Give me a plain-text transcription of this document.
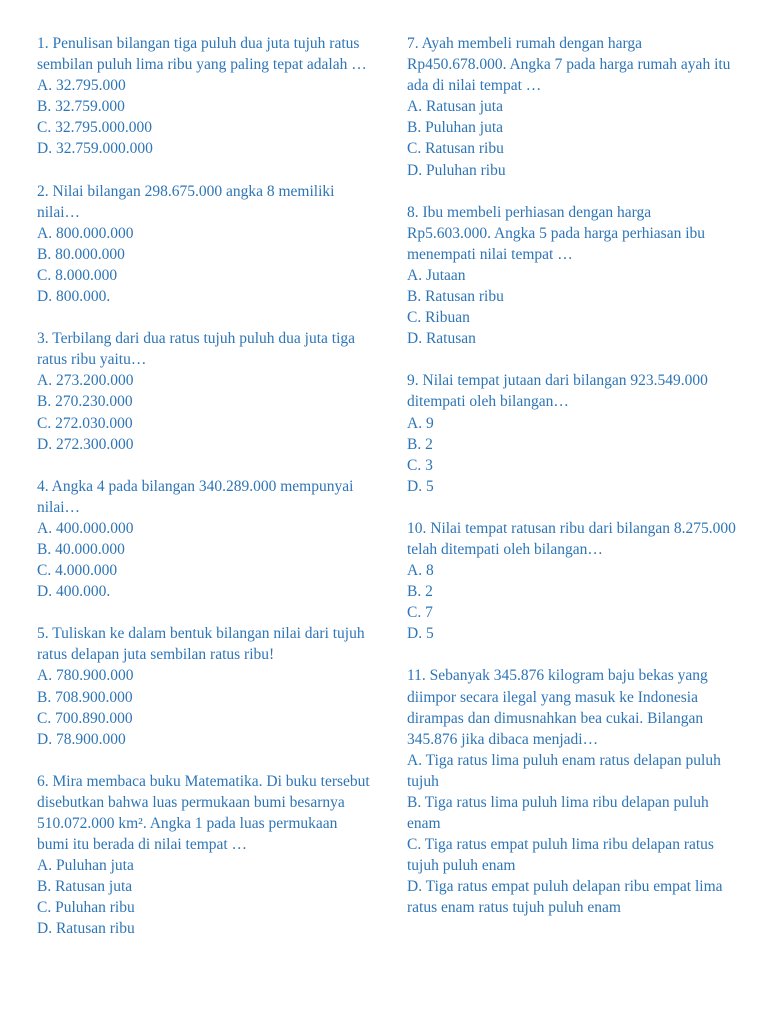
1. Penulisan bilangan tiga puluh dua juta tujuh ratus sembilan puluh lima ribu yang paling tepat adalah …
A. 32.795.000
B. 32.759.000
C. 32.795.000.000
D. 32.759.000.000
2. Nilai bilangan 298.675.000 angka 8 memiliki nilai…
A. 800.000.000
B. 80.000.000
C. 8.000.000
D. 800.000.
3. Terbilang dari dua ratus tujuh puluh dua juta tiga ratus ribu yaitu…
A. 273.200.000
B. 270.230.000
C. 272.030.000
D. 272.300.000
4. Angka 4 pada bilangan 340.289.000 mempunyai nilai…
A. 400.000.000
B. 40.000.000
C. 4.000.000
D. 400.000.
5. Tuliskan ke dalam bentuk bilangan nilai dari tujuh ratus delapan juta sembilan ratus ribu!
A. 780.900.000
B. 708.900.000
C. 700.890.000
D. 78.900.000
6. Mira membaca buku Matematika. Di buku tersebut disebutkan bahwa luas permukaan bumi besarnya 510.072.000 km². Angka 1 pada luas permukaan bumi itu berada di nilai tempat …
A. Puluhan juta
B. Ratusan juta
C. Puluhan ribu
D. Ratusan ribu
7. Ayah membeli rumah dengan harga Rp450.678.000. Angka 7 pada harga rumah ayah itu ada di nilai tempat …
A. Ratusan juta
B. Puluhan juta
C. Ratusan ribu
D. Puluhan ribu
8. Ibu membeli perhiasan dengan harga Rp5.603.000. Angka 5 pada harga perhiasan ibu menempati nilai tempat …
A. Jutaan
B. Ratusan ribu
C. Ribuan
D. Ratusan
9. Nilai tempat jutaan dari bilangan 923.549.000 ditempati oleh bilangan…
A. 9
B. 2
C. 3
D. 5
10. Nilai tempat ratusan ribu dari bilangan 8.275.000 telah ditempati oleh bilangan…
A. 8
B. 2
C. 7
D. 5
11. Sebanyak 345.876 kilogram baju bekas yang diimpor secara ilegal yang masuk ke Indonesia dirampas dan dimusnahkan bea cukai. Bilangan 345.876 jika dibaca menjadi…
A. Tiga ratus lima puluh enam ratus delapan puluh tujuh
B. Tiga ratus lima puluh lima ribu delapan puluh enam
C. Tiga ratus empat puluh lima ribu delapan ratus tujuh puluh enam
D. Tiga ratus empat puluh delapan ribu empat lima ratus enam ratus tujuh puluh enam
